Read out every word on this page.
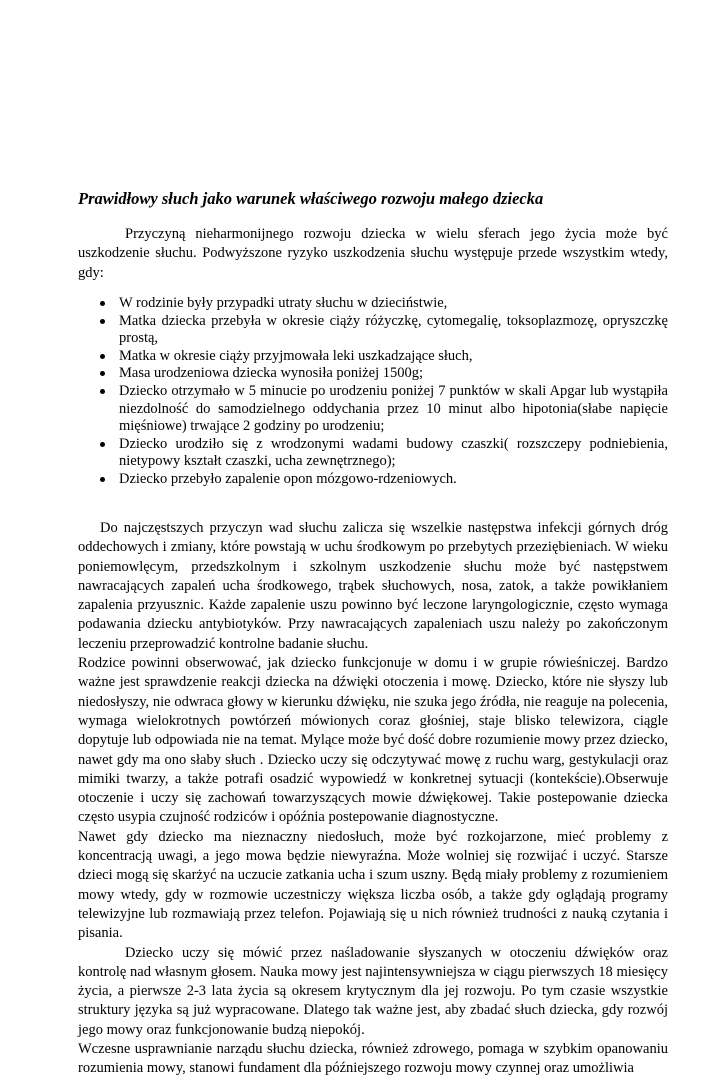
Prawidłowy słuch jako warunek właściwego rozwoju małego dziecka

Przyczyną nieharmonijnego rozwoju dziecka w wielu sferach jego życia może być uszkodzenie słuchu. Podwyższone ryzyko uszkodzenia słuchu występuje przede wszystkim wtedy, gdy:

W rodzinie były przypadki utraty słuchu w dzieciństwie,
Matka dziecka przebyła w okresie ciąży różyczkę, cytomegalię, toksoplazmozę, opryszczkę prostą,
Matka w okresie ciąży przyjmowała leki uszkadzające słuch,
Masa urodzeniowa dziecka wynosiła poniżej 1500g;
Dziecko otrzymało w 5 minucie po urodzeniu poniżej 7 punktów w skali Apgar lub wystąpiła niezdolność do samodzielnego oddychania przez 10 minut albo hipotonia(słabe napięcie mięśniowe) trwające 2 godziny po urodzeniu;
Dziecko urodziło się z wrodzonymi wadami budowy czaszki( rozszczepy podniebienia, nietypowy kształt czaszki, ucha zewnętrznego);
Dziecko przebyło zapalenie opon mózgowo-rdzeniowych.

Do najczęstszych przyczyn wad słuchu zalicza się wszelkie następstwa infekcji górnych dróg oddechowych i zmiany, które powstają w uchu środkowym po przebytych przeziębieniach. W wieku poniemowlęcym, przedszkolnym i szkolnym uszkodzenie słuchu może być następstwem nawracających zapaleń ucha środkowego, trąbek słuchowych, nosa, zatok, a także powikłaniem zapalenia przyusznic. Każde zapalenie uszu powinno być leczone laryngologicznie, często wymaga podawania dziecku antybiotyków. Przy nawracających zapaleniach uszu należy po zakończonym leczeniu przeprowadzić kontrolne badanie słuchu.

Rodzice powinni obserwować, jak dziecko funkcjonuje w domu i w grupie rówieśniczej. Bardzo ważne jest sprawdzenie reakcji dziecka na dźwięki otoczenia i mowę. Dziecko, które nie słyszy lub niedosłyszy, nie odwraca głowy w kierunku dźwięku, nie szuka jego źródła, nie reaguje na polecenia, wymaga wielokrotnych powtórzeń mówionych coraz głośniej, staje blisko telewizora, ciągle dopytuje lub odpowiada nie na temat. Mylące może być dość dobre rozumienie mowy przez dziecko, nawet gdy ma ono słaby słuch . Dziecko uczy się odczytywać mowę z ruchu warg, gestykulacji oraz mimiki twarzy, a także potrafi osadzić wypowiedź w konkretnej sytuacji (kontekście).Obserwuje otoczenie i uczy się zachowań towarzyszących mowie dźwiękowej. Takie postepowanie dziecka często usypia czujność rodziców i opóźnia postepowanie diagnostyczne.

Nawet gdy dziecko ma nieznaczny niedosłuch, może być rozkojarzone, mieć problemy z koncentracją uwagi, a jego mowa będzie niewyraźna. Może wolniej się rozwijać i uczyć. Starsze dzieci mogą się skarżyć na uczucie zatkania ucha i szum uszny. Będą miały problemy z rozumieniem mowy wtedy, gdy w rozmowie uczestniczy większa liczba osób, a także gdy oglądają programy telewizyjne lub rozmawiają przez telefon. Pojawiają się u nich również trudności z nauką czytania i pisania.

Dziecko uczy się mówić przez naśladowanie słyszanych w otoczeniu dźwięków oraz kontrolę nad własnym głosem. Nauka mowy jest najintensywniejsza w ciągu pierwszych 18 miesięcy życia, a pierwsze 2-3 lata życia są okresem krytycznym dla jej rozwoju. Po tym czasie wszystkie struktury języka są już wypracowane. Dlatego tak ważne jest, aby zbadać słuch dziecka, gdy rozwój jego mowy oraz funkcjonowanie budzą niepokój.

Wczesne usprawnianie narządu słuchu dziecka, również zdrowego, pomaga w szybkim opanowaniu rozumienia mowy, stanowi fundament dla późniejszego rozwoju mowy czynnej oraz umożliwia
